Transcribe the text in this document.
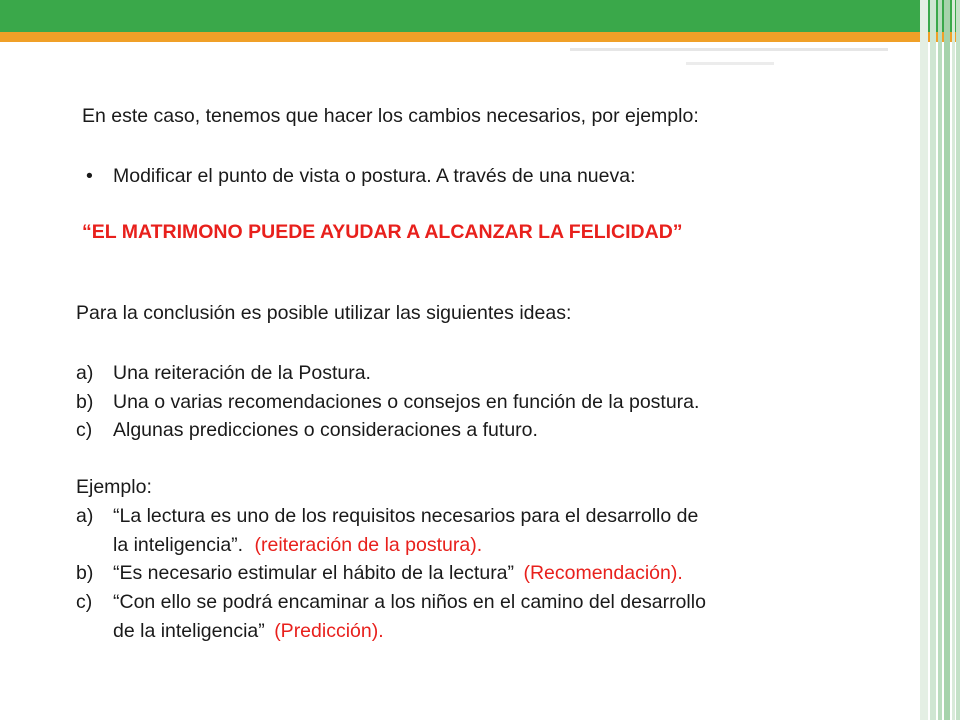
En este caso, tenemos que hacer los cambios necesarios, por ejemplo:
• Modificar el punto de vista o postura. A través de una nueva:
“EL MATRIMONO PUEDE AYUDAR A ALCANZAR LA FELICIDAD”
Para la conclusión es posible utilizar las siguientes ideas:
a) Una reiteración de la Postura.
b) Una o varias recomendaciones o consejos en función de la postura.
c) Algunas predicciones o consideraciones a futuro.
Ejemplo:
a) “La lectura es uno de los requisitos necesarios para el desarrollo de
la inteligencia”. (reiteración de la postura).
b) “Es necesario estimular el hábito de la lectura” (Recomendación).
c) “Con ello se podrá encaminar a los niños en el camino del desarrollo
de la inteligencia” (Predicción).
